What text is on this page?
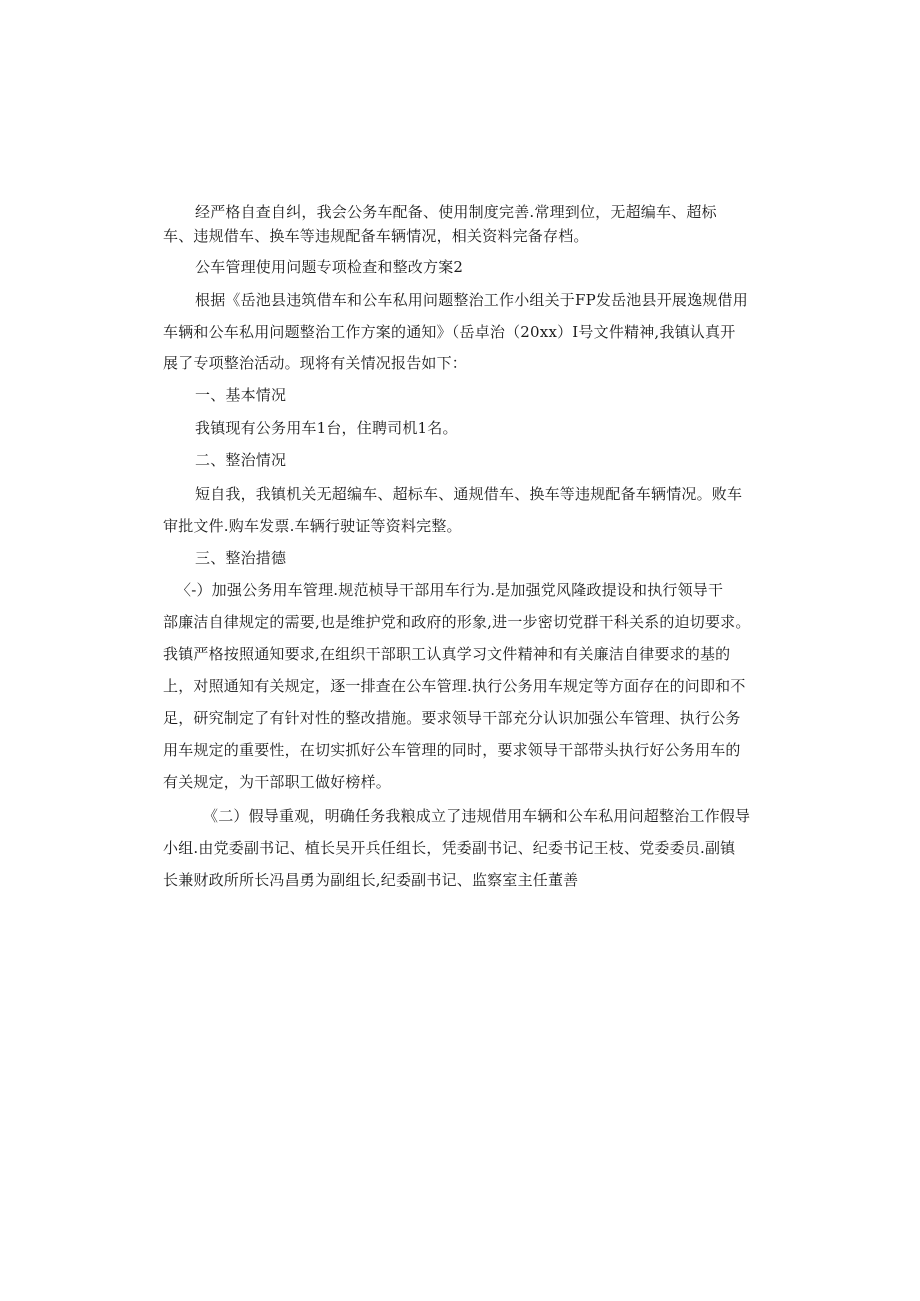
经严格自查自纠，我会公务车配备、使用制度完善.常理到位，无超编车、超标
车、违规借车、换车等违规配备车辆情况，相关资料完备存档。
公车管理使用问题专项检查和整改方案2
根据《岳池县违筑借车和公车私用问题整治工作小组关于FP发岳池县开展逸规借用
车辆和公车私用问题整治工作方案的通知》（岳卓治（20xx）I号文件精神,我镇认真开
展了专项整治活动。现将有关情况报告如下：
一、基本情况
我镇现有公务用车1台，住聘司机1名。
二、整治情况
短自我，我镇机关无超编车、超标车、通规借车、换车等违规配备车辆情况。败车
审批文件.购车发票.车辆行驶证等资料完整。
三、整治措德
〈-）加强公务用车管理.规范桢导干部用车行为.是加强党风隆政提设和执行领导干
部廉洁自律规定的需要,也是维护党和政府的形象,进一步密切党群干科关系的迫切要求。
我镇严格按照通知要求,在组织干部职工认真学习文件精神和有关廉洁自律要求的基的
上，对照通知有关规定，逐一排查在公车管理.执行公务用车规定等方面存在的问即和不
足，研究制定了有针对性的整改措施。要求领导干部充分认识加强公车管理、执行公务
用车规定的重要性，在切实抓好公车管理的同时，要求领导干部带头执行好公务用车的
有关规定，为干部职工做好榜样。
《二）假导重观，明确任务我粮成立了违规借用车辆和公车私用问超整治工作假导
小组.由党委副书记、植长吴开兵任组长，凭委副书记、纪委书记王枝、党委委员.副镇
长兼财政所所长冯昌勇为副组长,纪委副书记、监察室主任董善
